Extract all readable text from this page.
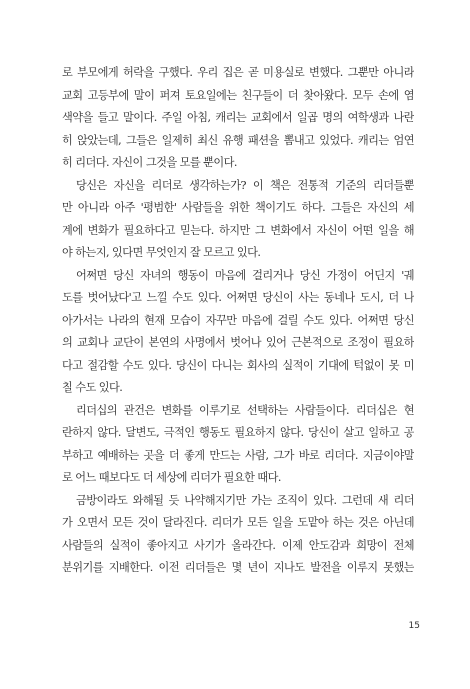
로 부모에게 허락을 구했다. 우리 집은 곧 미용실로 변했다. 그뿐만 아니라
교회 고등부에 말이 퍼져 토요일에는 친구들이 더 찾아왔다. 모두 손에 염
색약을 들고 말이다. 주일 아침, 캐리는 교회에서 일곱 명의 여학생과 나란
히 앉았는데, 그들은 일제히 최신 유행 패션을 뽐내고 있었다. 캐리는 엄연
히 리더다. 자신이 그것을 모를 뿐이다.
당신은 자신을 리더로 생각하는가? 이 책은 전통적 기준의 리더들뿐
만 아니라 아주 '평범한' 사람들을 위한 책이기도 하다. 그들은 자신의 세
계에 변화가 필요하다고 믿는다. 하지만 그 변화에서 자신이 어떤 일을 해
야 하는지, 있다면 무엇인지 잘 모르고 있다.
어쩌면 당신 자녀의 행동이 마음에 걸리거나 당신 가정이 어딘지 '궤
도를 벗어났다'고 느낄 수도 있다. 어쩌면 당신이 사는 동네나 도시, 더 나
아가서는 나라의 현재 모습이 자꾸만 마음에 걸릴 수도 있다. 어쩌면 당신
의 교회나 교단이 본연의 사명에서 벗어나 있어 근본적으로 조정이 필요하
다고 절감할 수도 있다. 당신이 다니는 회사의 실적이 기대에 턱없이 못 미
칠 수도 있다.
리더십의 관건은 변화를 이루기로 선택하는 사람들이다. 리더십은 현
란하지 않다. 달변도, 극적인 행동도 필요하지 않다. 당신이 살고 일하고 공
부하고 예배하는 곳을 더 좋게 만드는 사람, 그가 바로 리더다. 지금이야말
로 어느 때보다도 더 세상에 리더가 필요한 때다.
금방이라도 와해될 듯 나약해지기만 가는 조직이 있다. 그런데 새 리더
가 오면서 모든 것이 달라진다. 리더가 모든 일을 도맡아 하는 것은 아닌데
사람들의 실적이 좋아지고 사기가 올라간다. 이제 안도감과 희망이 전체
분위기를 지배한다. 이전 리더들은 몇 년이 지나도 발전을 이루지 못했는
15
